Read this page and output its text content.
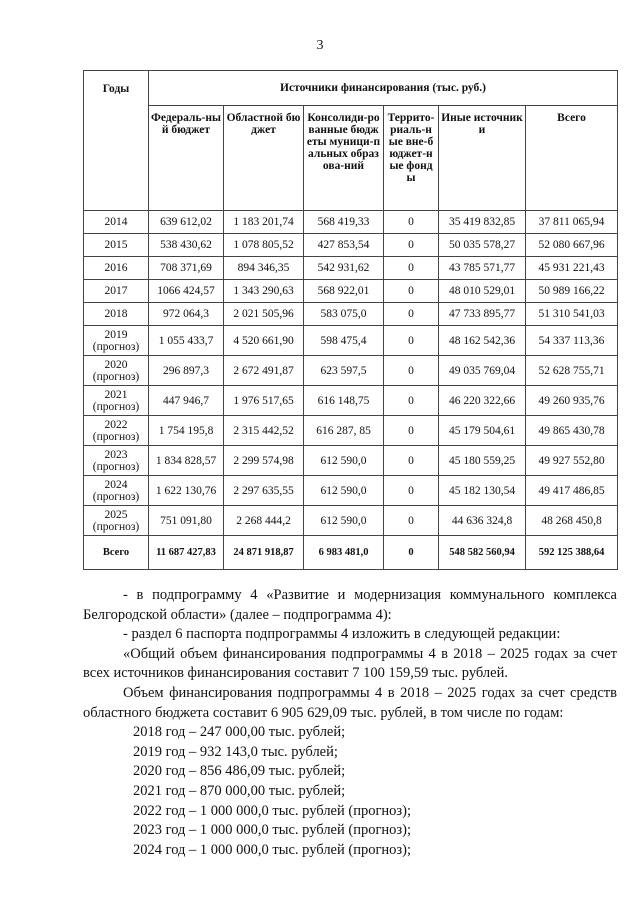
3
Годы	Источники финансирования (тыс. руб.)					
	Федераль-ный бюджет	Областной бюджет	Консолиди-рованные бюджеты муници-пальных образова-ний	Террито-риаль-ные вне-бюджет-ные фонды	Иные источники	Всего

2014	639 612,02	1 183 201,74	568 419,33	0	35 419 832,85	37 811 065,94

2015	538 430,62	1 078 805,52	427 853,54	0	50 035 578,27	52 080 667,96

2016	708 371,69	894 346,35	542 931,62	0	43 785 571,77	45 931 221,43

2017	1066 424,57	1 343 290,63	568 922,01	0	48 010 529,01	50 989 166,22

2018	972 064,3	2 021 505,96	583 075,0	0	47 733 895,77	51 310 541,03

2019
(прогноз)	1 055 433,7	4 520 661,90	598 475,4	0	48 162 542,36	54 337 113,36

2020
(прогноз)	296 897,3	2 672 491,87	623 597,5	0	49 035 769,04	52 628 755,71

2021
(прогноз)	447 946,7	1 976 517,65	616 148,75	0	46 220 322,66	49 260 935,76

2022
(прогноз)	1 754 195,8	2 315 442,52	616 287, 85	0	45 179 504,61	49 865 430,78

2023
(прогноз)	1 834 828,57	2 299 574,98	612 590,0	0	45 180 559,25	49 927 552,80

2024
(прогноз)	1 622 130,76	2 297 635,55	612 590,0	0	45 182 130,54	49 417 486,85

2025
(прогноз)	751 091,80	2 268 444,2	612 590,0	0	44 636 324,8	48 268 450,8
Всего	11 687 427,83	24 871 918,87	6 983 481,0	0	548 582 560,94	592 125 388,64

- в подпрограмму 4 «Развитие и модернизация коммунального комплекса Белгородской области» (далее – подпрограмма 4):

- раздел 6 паспорта подпрограммы 4 изложить в следующей редакции:

«Общий объем финансирования подпрограммы 4 в 2018 – 2025 годах за счет всех источников финансирования составит 7 100 159,59 тыс. рублей.

Объем финансирования подпрограммы 4 в 2018 – 2025 годах за счет средств областного бюджета составит 6 905 629,09 тыс. рублей, в том числе по годам:

2018 год – 247 000,00 тыс. рублей;

2019 год – 932 143,0 тыс. рублей;

2020 год – 856 486,09 тыс. рублей;

2021 год – 870 000,00 тыс. рублей;

2022 год – 1 000 000,0 тыс. рублей (прогноз);

2023 год – 1 000 000,0 тыс. рублей (прогноз);

2024 год – 1 000 000,0 тыс. рублей (прогноз);
